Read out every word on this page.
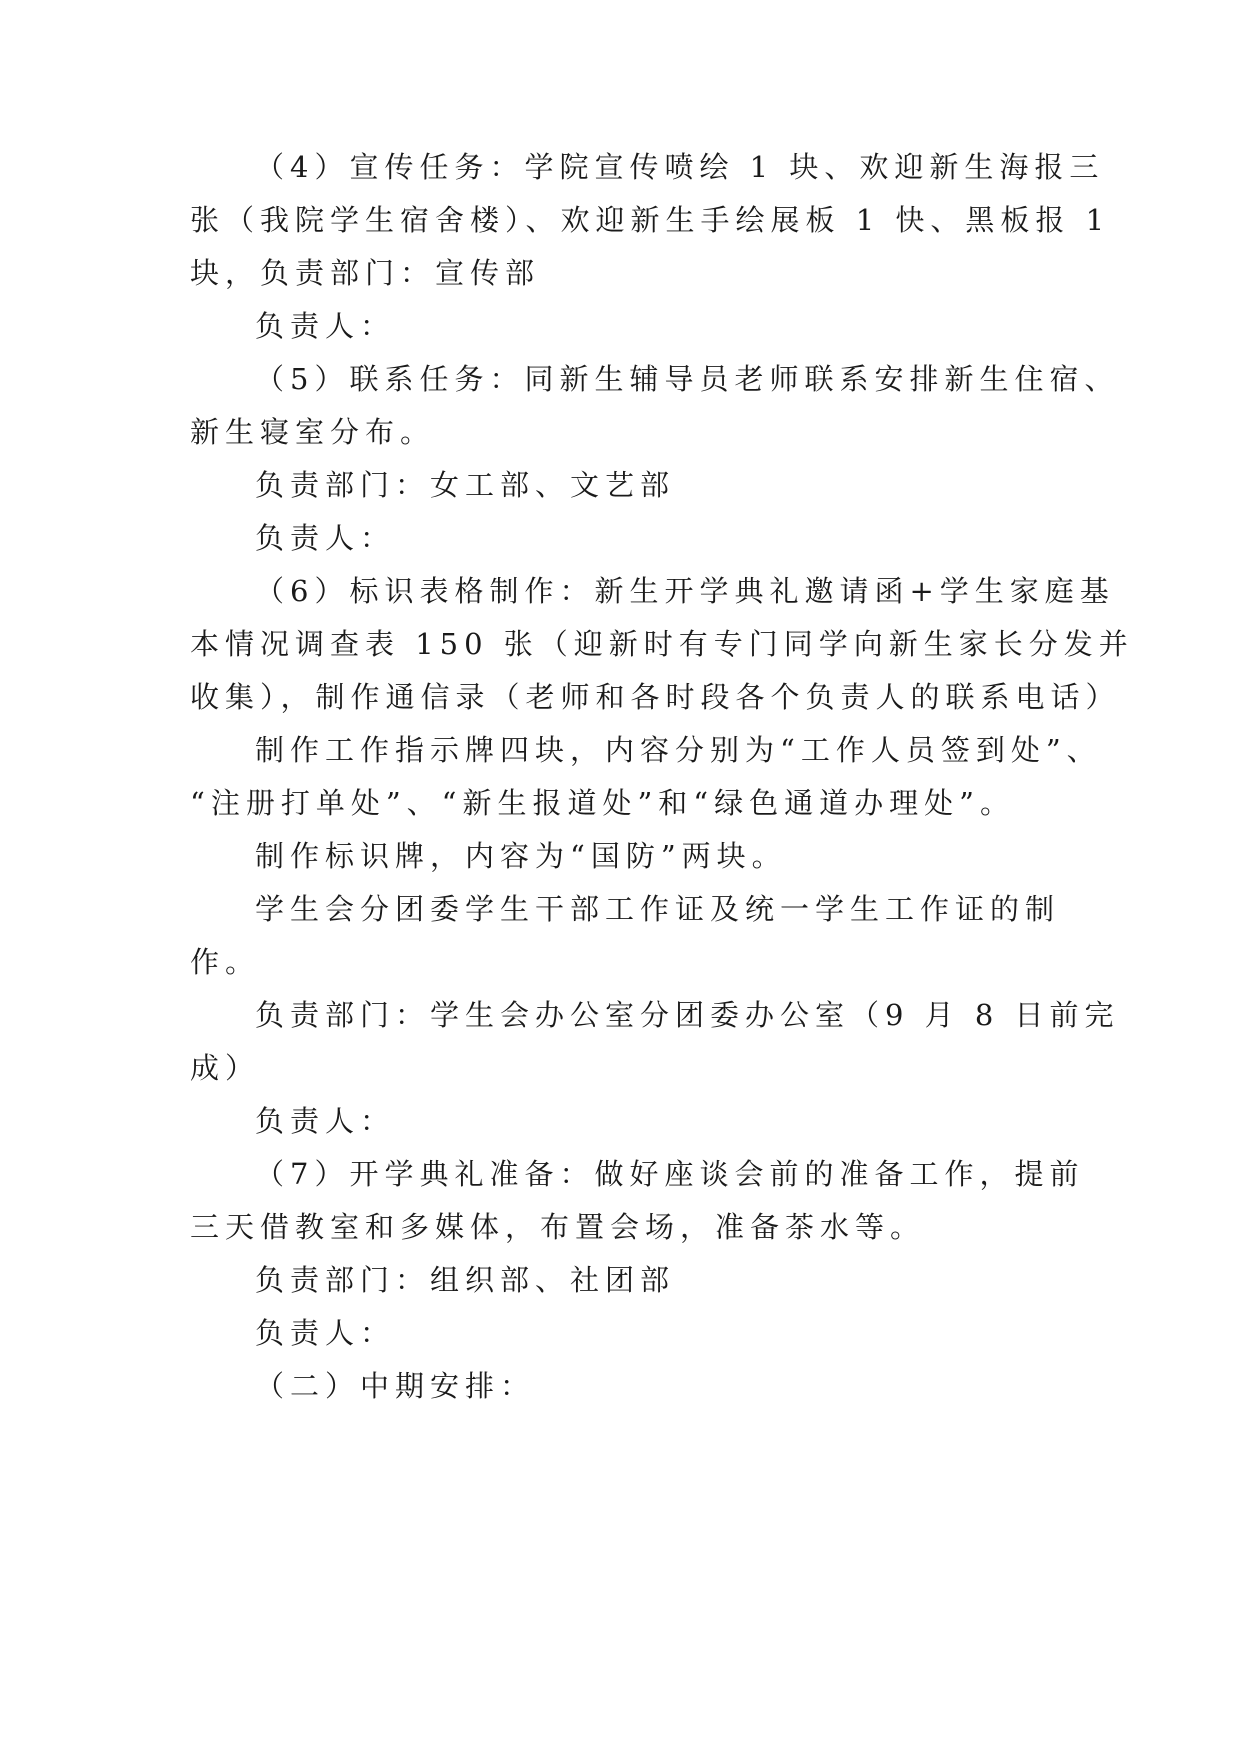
（4）宣传任务：学院宣传喷绘 1 块、欢迎新生海报三
张（我院学生宿舍楼）、欢迎新生手绘展板 1 快、黑板报 1
块，负责部门：宣传部
负责人：
（5）联系任务：同新生辅导员老师联系安排新生住宿、
新生寝室分布。
负责部门：女工部、文艺部
负责人：
（6）标识表格制作：新生开学典礼邀请函+学生家庭基
本情况调查表 150 张（迎新时有专门同学向新生家长分发并
收集），制作通信录（老师和各时段各个负责人的联系电话）
制作工作指示牌四块，内容分别为“工作人员签到处”、
“注册打单处”、“新生报道处”和“绿色通道办理处”。
制作标识牌，内容为“国防”两块。
学生会分团委学生干部工作证及统一学生工作证的制
作。
负责部门：学生会办公室分团委办公室（9 月 8 日前完
成）
负责人：
（7）开学典礼准备：做好座谈会前的准备工作，提前
三天借教室和多媒体，布置会场，准备茶水等。
负责部门：组织部、社团部
负责人：
（二）中期安排：
